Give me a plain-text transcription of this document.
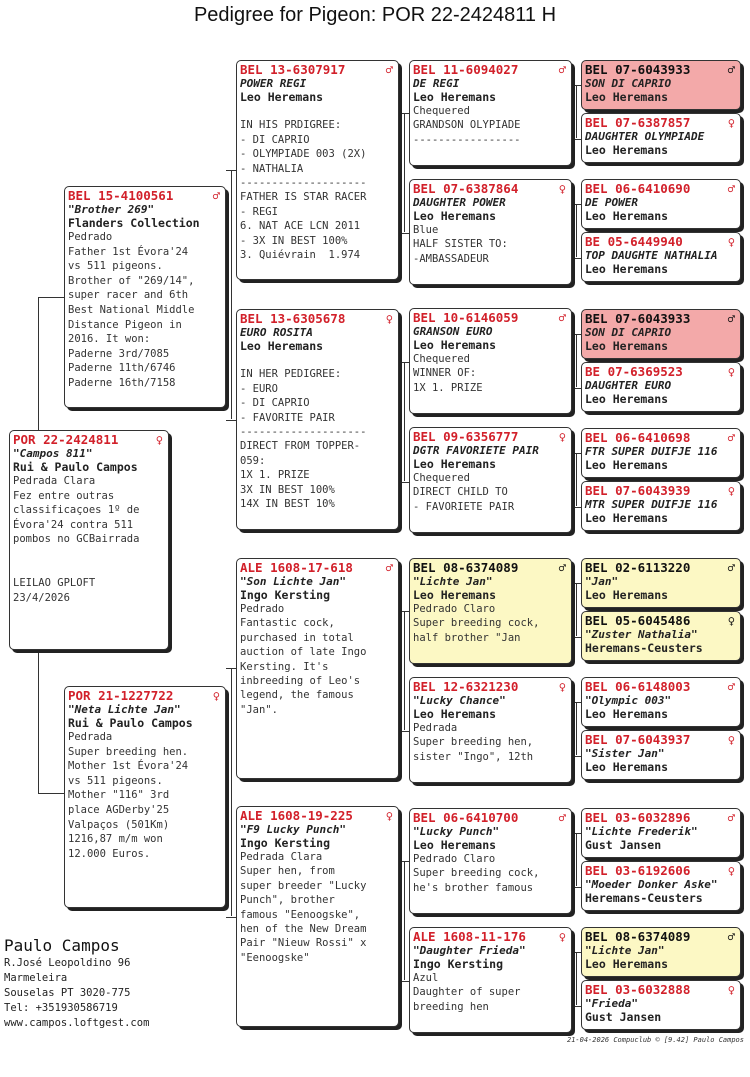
Pedigree for Pigeon: POR 22-2424811 H
POR 22-2424811	♀
"Campos 811"
Rui & Paulo Campos
Pedrada Clara
Fez entre outras
classificaçoes 1º de
Évora'24 contra 511
pombos no GCBairrada
LEILAO GPLOFT
23/4/2026
BEL 15-4100561	♂
"Brother 269"
Flanders Collection
Pedrado
Father 1st Évora'24
vs 511 pigeons.
Brother of "269/14",
super racer and 6th
Best National Middle
Distance Pigeon in
2016. It won:
Paderne 3rd/7085
Paderne 11th/6746
Paderne 16th/7158
POR 21-1227722	♀
"Neta Lichte Jan"
Rui & Paulo Campos
Pedrada
Super breeding hen.
Mother 1st Évora'24
vs 511 pigeons.
Mother "116" 3rd
place AGDerby'25
Valpaços (501Km)
1216,87 m/m won
12.000 Euros.
BEL 13-6307917	♂
POWER REGI
Leo Heremans
IN HIS PRDIGREE:
- DI CAPRIO
- OLYMPIADE 003 (2X)
- NATHALIA
--------------------
FATHER IS STAR RACER
- REGI
6. NAT ACE LCN 2011
- 3X IN BEST 100%
3. Quiévrain  1.974
BEL 13-6305678	♀
EURO ROSITA
Leo Heremans
IN HER PEDIGREE:
- EURO
- DI CAPRIO
- FAVORITE PAIR
--------------------
DIRECT FROM TOPPER-
059:
1X 1. PRIZE
3X IN BEST 100%
14X IN BEST 10%
ALE 1608-17-618	♂
"Son Lichte Jan"
Ingo Kersting
Pedrado
Fantastic cock,
purchased in total
auction of late Ingo
Kersting. It's
inbreeding of Leo's
legend, the famous
"Jan".
ALE 1608-19-225	♀
"F9 Lucky Punch"
Ingo Kersting
Pedrada Clara
Super hen, from
super breeder "Lucky
Punch", brother
famous "Eenoogske",
hen of the New Dream
Pair "Nieuw Rossi" x
"Eenoogske"
BEL 11-6094027	♂
DE REGI
Leo Heremans
Chequered
GRANDSON OLYPIADE
-----------------
BEL 07-6387864	♀
DAUGHTER POWER
Leo Heremans
Blue
HALF SISTER TO:
-AMBASSADEUR
BEL 10-6146059	♂
GRANSON EURO
Leo Heremans
Chequered
WINNER OF:
1X 1. PRIZE
BEL 09-6356777	♀
DGTR FAVORIETE PAIR
Leo Heremans
Chequered
DIRECT CHILD TO
- FAVORIETE PAIR
BEL 08-6374089	♂
"Lichte Jan"
Leo Heremans
Pedrado Claro
Super breeding cock,
half brother "Jan
BEL 12-6321230	♀
"Lucky Chance"
Leo Heremans
Pedrada
Super breeding hen,
sister "Ingo", 12th
BEL 06-6410700	♂
"Lucky Punch"
Leo Heremans
Pedrado Claro
Super breeding cock,
he's brother famous
ALE 1608-11-176	♀
"Daughter Frieda"
Ingo Kersting
Azul
Daughter of super
breeding hen
BEL 07-6043933	♂
SON DI CAPRIO
Leo Heremans
BEL 07-6387857	♀
DAUGHTER OLYMPIADE
Leo Heremans
BEL 06-6410690	♂
DE POWER
Leo Heremans
BE 05-6449940	♀
TOP DAUGHTE NATHALIA
Leo Heremans
BEL 07-6043933	♂
SON DI CAPRIO
Leo Heremans
BE 07-6369523	♀
DAUGHTER EURO
Leo Heremans
BEL 06-6410698	♂
FTR SUPER DUIFJE 116
Leo Heremans
BEL 07-6043939	♀
MTR SUPER DUIFJE 116
Leo Heremans
BEL 02-6113220	♂
"Jan"
Leo Heremans
BEL 05-6045486	♀
"Zuster Nathalia"
Heremans-Ceusters
BEL 06-6148003	♂
"Olympic 003"
Leo Heremans
BEL 07-6043937	♀
"Sister Jan"
Leo Heremans
BEL 03-6032896	♂
"Lichte Frederik"
Gust Jansen
BEL 03-6192606	♀
"Moeder Donker Aske"
Heremans-Ceusters
BEL 08-6374089	♂
"Lichte Jan"
Leo Heremans
BEL 03-6032888	♀
"Frieda"
Gust Jansen
Paulo Campos
R.José Leopoldino 96
Marmeleira
Souselas PT 3020-775
Tel: +351930586719
www.campos.loftgest.com
21-04-2026 Compuclub © [9.42] Paulo Campos
